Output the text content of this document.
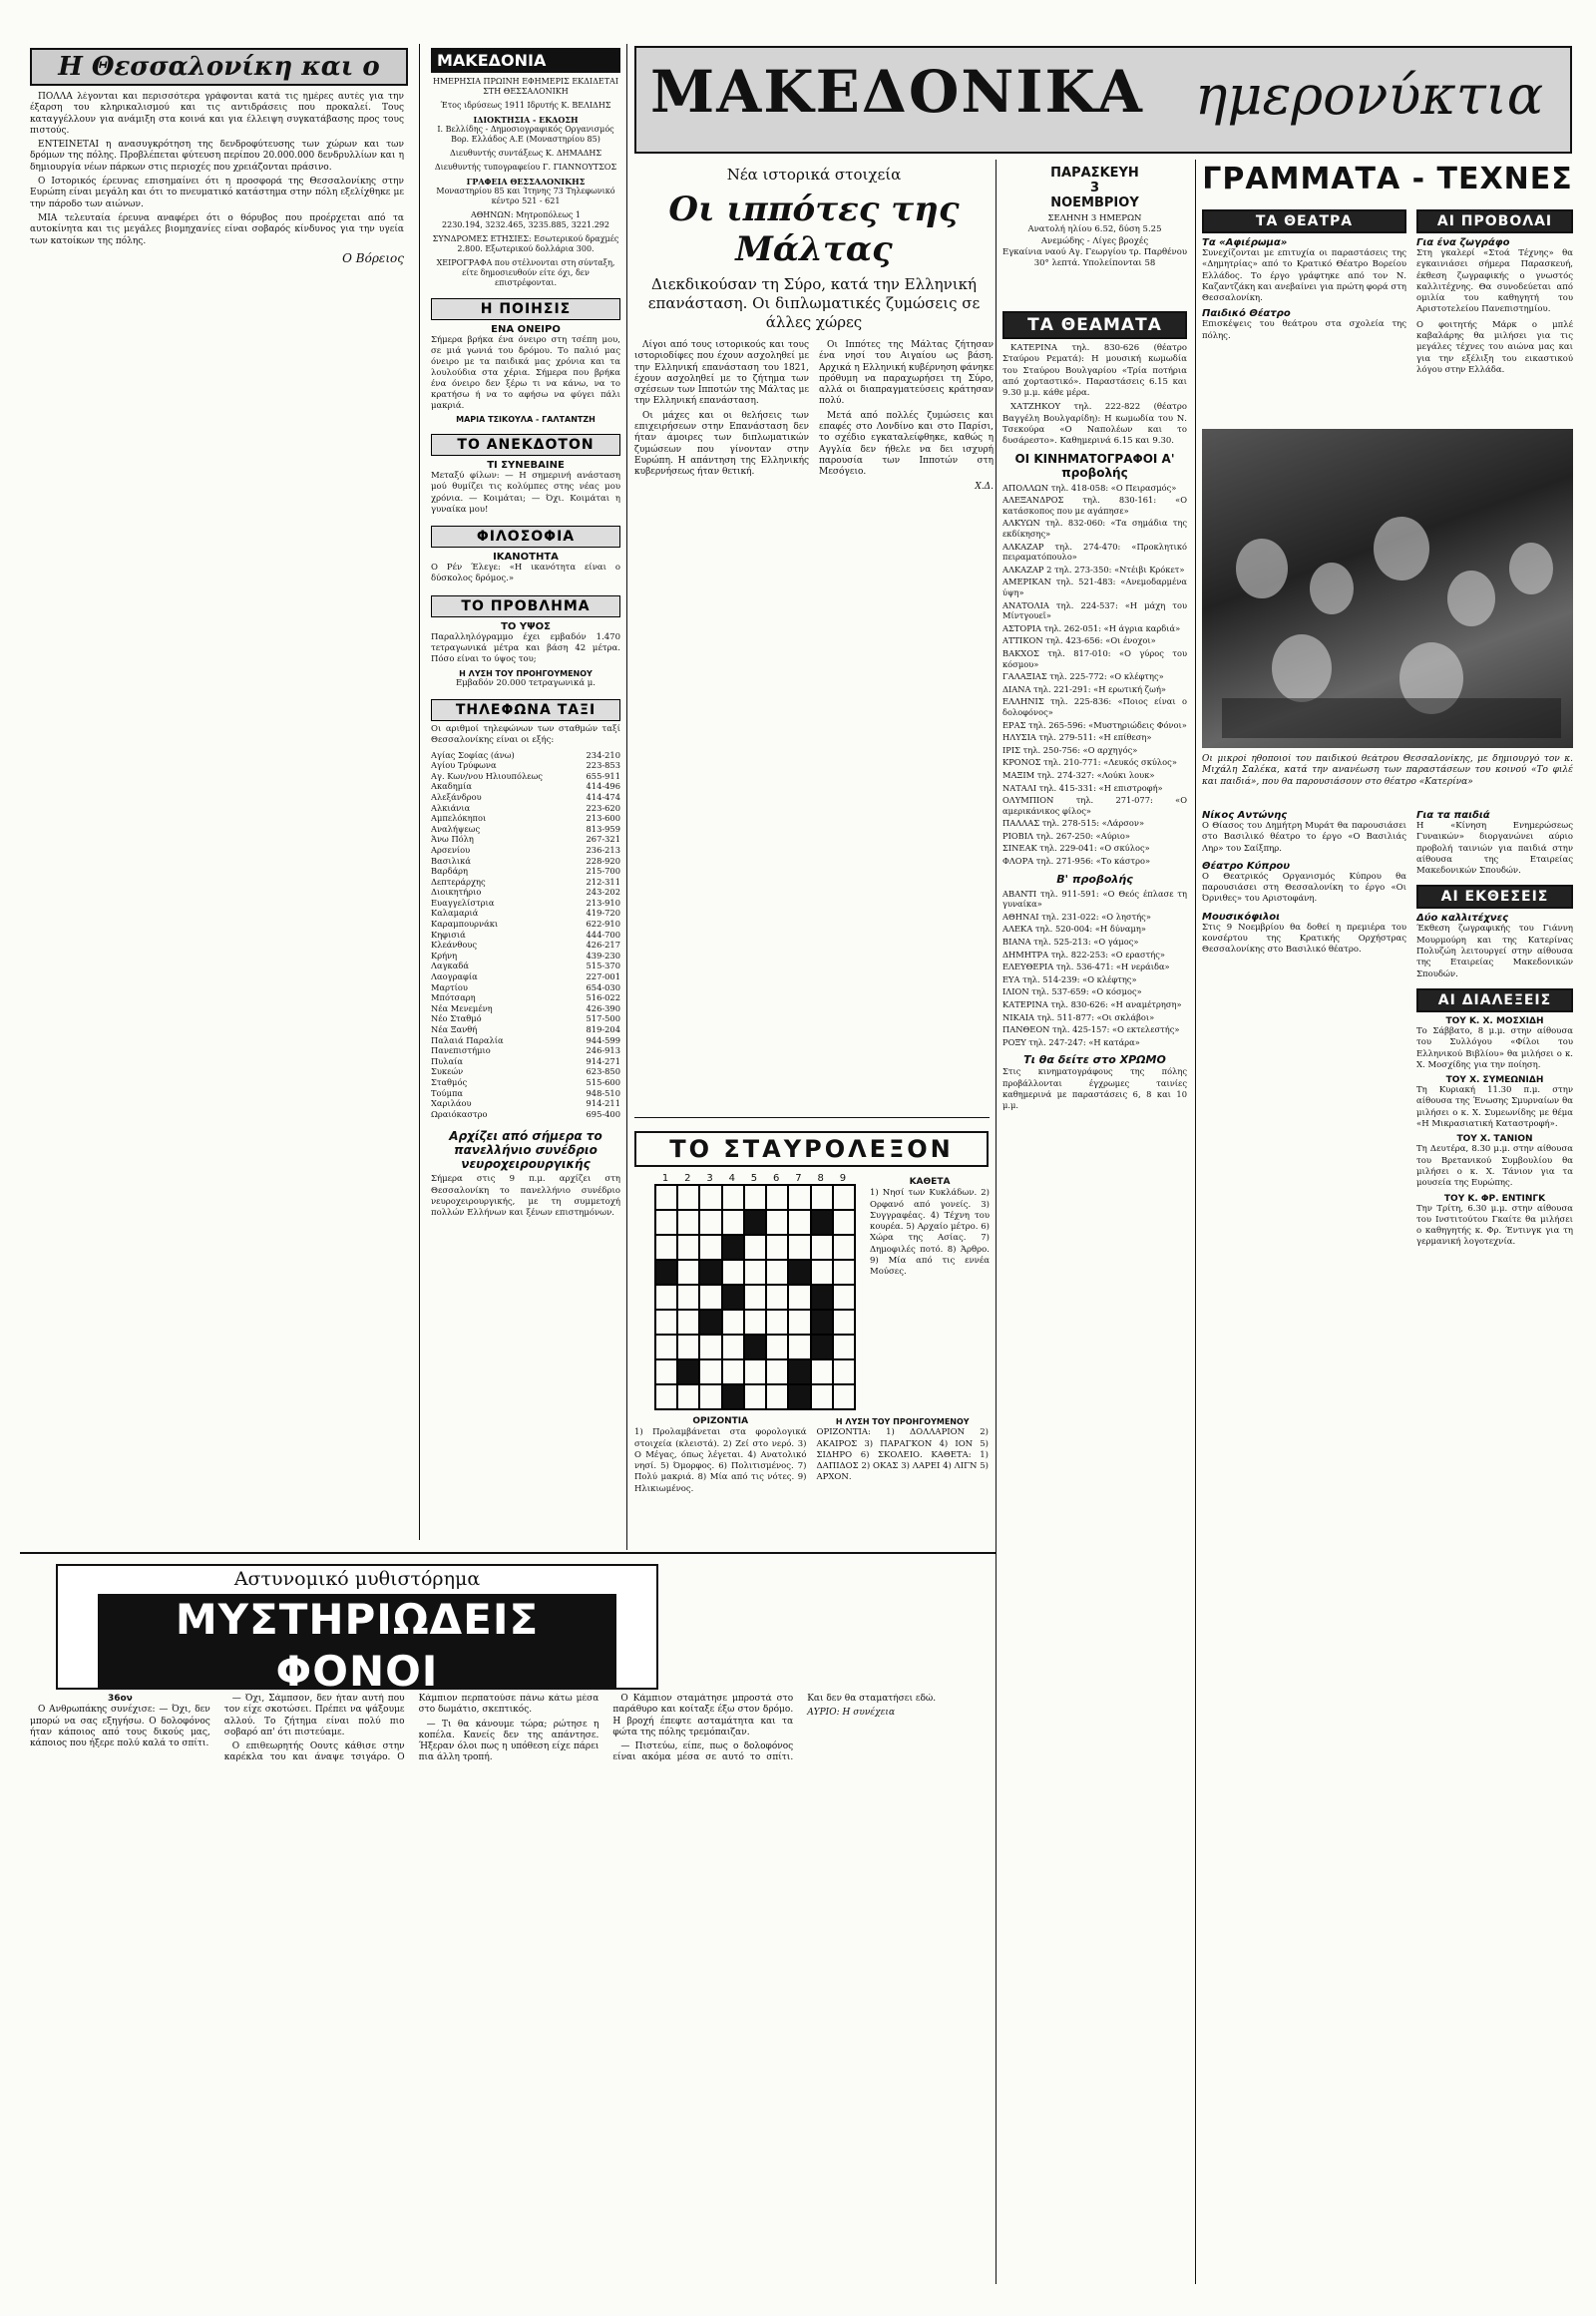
Η Θεσσαλονίκη και ο

ΠΟΛΛΑ λέγονται και περισσότερα γράφονται κατά τις ημέρες αυτές για την έξαρση του κληρικαλισμού και τις αντιδράσεις που προκαλεί. Τους καταγγέλλουν για ανάμιξη στα κοινά και για έλλειψη συγκατάβασης προς τους πιστούς.

ΕΝΤΕΙΝΕΤΑΙ η ανασυγκρότηση της δενδροφύτευσης των χώρων και των δρόμων της πόλης. Προβλέπεται φύτευση περίπου 20.000.000 δενδρυλλίων και η δημιουργία νέων πάρκων στις περιοχές που χρειάζονται πράσινο.

Ο Ιστορικός έρευνας επισημαίνει ότι η προσφορά της Θεσσαλονίκης στην Ευρώπη είναι μεγάλη και ότι το πνευματικό κατάστημα στην πόλη εξελίχθηκε με την πάροδο των αιώνων.

ΜΙΑ τελευταία έρευνα αναφέρει ότι ο θόρυβος που προέρχεται από τα αυτοκίνητα και τις μεγάλες βιομηχανίες είναι σοβαρός κίνδυνος για την υγεία των κατοίκων της πόλης.

Ο Βόρειος
ΜΑΚΕΔΟΝΙΑ
ΗΜΕΡΗΣΙΑ ΠΡΩΙΝΗ ΕΦΗΜΕΡΙΣ ΕΚΔΙΔΕΤΑΙ ΣΤΗ ΘΕΣΣΑΛΟΝΙΚΗ
Έτος ιδρύσεως 1911 Ιδρυτής Κ. ΒΕΛΙΔΗΣ
ΙΔΙΟΚΤΗΣΙΑ - ΕΚΔΟΣΗ
Ι. Βελλίδης - Δημοσιογραφικός Οργανισμός Βορ. Ελλάδος Α.Ε (Μοναστηρίου 85)
Διευθυντής συντάξεως Κ. ΔΗΜΑΔΗΣ
Διευθυντής τυπογραφείου Γ. ΓΙΑΝΝΟΥΤΣΟΣ
ΓΡΑΦΕΙΑ ΘΕΣΣΑΛΟΝΙΚΗΣ
Μοναστηρίου 85 και Ίτηνης 73 Τηλεφωνικό κέντρο 521 - 621
ΑΘΗΝΩΝ: Μητροπόλεως 1
2230.194, 3232.465, 3235.885, 3221.292
ΣΥΝΔΡΟΜΕΣ ΕΤΗΣΙΕΣ: Εσωτερικού δραχμές 2.800. Εξωτερικού δολλάρια 300.
ΧΕΙΡΟΓΡΑΦΑ που στέλνονται στη σύνταξη, είτε δημοσιευθούν είτε όχι, δεν επιστρέφονται.
Η ΠΟΙΗΣΙΣ
ΕΝΑ ΟΝΕΙΡΟ
Σήμερα βρήκα ένα όνειρο στη τσέπη μου, σε μιά γωνιά του δρόμου. Το παλιό μας όνειρο με τα παιδικά μας χρόνια και τα λουλούδια στα χέρια. Σήμερα που βρήκα ένα όνειρο δεν ξέρω τι να κάνω, να το κρατήσω ή να το αφήσω να φύγει πάλι μακριά.
ΜΑΡΙΑ ΤΣΙΚΟΥΛΑ - ΓΑΛΤΑΝΤΖΗ
ΤΟ ΑΝΕΚΔΟΤΟΝ
ΤΙ ΣΥΝΕΒΑΙΝΕ
Μεταξύ φίλων: — Η σημερινή ανάσταση μού θυμίζει τις κολύμπες στης νέας μου χρόνια. — Κοιμάται; — Όχι. Κοιμάται η γυναίκα μου!
ΦΙΛΟΣΟΦΙΑ
ΙΚΑΝΟΤΗΤΑ
Ο Ρέν Έλεγε: «Η ικανότητα είναι ο δύσκολος δρόμος.»
ΤΟ ΠΡΟΒΛΗΜΑ
ΤΟ ΥΨΟΣ
Παραλληλόγραμμο έχει εμβαδόν 1.470 τετραγωνικά μέτρα και βάση 42 μέτρα. Πόσο είναι το ύψος του;
Η ΛΥΣΗ ΤΟΥ ΠΡΟΗΓΟΥΜΕΝΟΥ
Εμβαδόν 20.000 τετραγωνικά μ.
ΤΗΛΕΦΩΝΑ ΤΑΞΙ
Οι αριθμοί τηλεφώνων των σταθμών ταξί Θεσσαλονίκης είναι οι εξής:
Αγίας Σοφίας (άνω)	234-210
Αγίου Τρύφωνα	223-853
Αγ. Κων/νου Ηλιουπόλεως	655-911
Ακαδημία	414-496
Αλεξάνδρου	414-474
Αλκιάνια	223-620
Αμπελόκηποι	213-600
Αναλήψεως	813-959
Άνω Πόλη	267-321
Αρσενίου	236-213
Βασιλικά	228-920
Βαρδάρη	215-700
Δεπτεράρχης	212-311
Διοικητήριο	243-202
Ευαγγελίστρια	213-910
Καλαμαριά	419-720
Καραμπουρνάκι	622-910
Κηφισιά	444-700
Κλεάνθους	426-217
Κρήνη	439-230
Λαγκαδά	515-370
Λαογραφία	227-001
Μαρτίου	654-030
Μπότσαρη	516-022
Νέα Μενεμένη	426-390
Νέο Σταθμό	517-500
Νέα Ξανθή	819-204
Παλαιά Παραλία	944-599
Πανεπιστήμιο	246-913
Πυλαία	914-271
Συκεών	623-850
Σταθμός	515-600
Τούμπα	948-510
Χαριλάου	914-211
Ωραιόκαστρο	695-400
Αρχίζει από σήμερα το πανελλήνιο συνέδριο νευροχειρουργικής
Σήμερα στις 9 π.μ. αρχίζει στη Θεσσαλονίκη το πανελλήνιο συνέδριο νευροχειρουργικής, με τη συμμετοχή πολλών Ελλήνων και ξένων επιστημόνων.
ΜΑΚΕΔΟΝΙΚΑ ημερονύκτια
Νέα ιστορικά στοιχεία
Οι ιππότες της Μάλτας
Διεκδικούσαν τη Σύρο, κατά την Ελληνική επανάσταση. Οι διπλωματικές ζυμώσεις σε άλλες χώρες

Λίγοι από τους ιστορικούς και τους ιστοριοδίφες που έχουν ασχοληθεί με την Ελληνική επανάσταση του 1821, έχουν ασχοληθεί με το ζήτημα των σχέσεων των Ιπποτών της Μάλτας με την Ελληνική επανάσταση.

Οι μάχες και οι θελήσεις των επιχειρήσεων στην Επανάσταση δεν ήταν άμοιρες των διπλωματικών ζυμώσεων που γίνονταν στην Ευρώπη. Η απάντηση της Ελληνικής κυβερνήσεως ήταν θετική.

Οι Ιππότες της Μάλτας ζήτησαν ένα νησί του Αιγαίου ως βάση. Αρχικά η Ελληνική κυβέρνηση φάνηκε πρόθυμη να παραχωρήσει τη Σύρο, αλλά οι διαπραγματεύσεις κράτησαν πολύ.

Μετά από πολλές ζυμώσεις και επαφές στο Λονδίνο και στο Παρίσι, το σχέδιο εγκαταλείφθηκε, καθώς η Αγγλία δεν ήθελε να δει ισχυρή παρουσία των Ιπποτών στη Μεσόγειο.

Χ.Δ.
ΤΟ ΣΤΑΥΡΟΛΕΞΟΝ
1	2	3	4	5	6	7	8	9	ΚΑΘΕΤΑ
1) Νησί των Κυκλάδων. 2) Ορφανό από γονείς. 3) Συγγραφέας. 4) Τέχνη του κουρέα. 5) Αρχαίο μέτρο. 6) Χώρα της Ασίας. 7) Δημοφιλές ποτό. 8) Άρθρο. 9) Μία από τις εννέα Μούσες.
ΟΡΙΖΟΝΤΙΑ
1) Προλαμβάνεται στα φορολογικά στοιχεία (κλειστά). 2) Ζεί στο νερό. 3) Ο Μέγας, όπως λέγεται. 4) Ανατολικό νησί. 5) Όμορφος. 6) Πολιτισμένος. 7) Πολύ μακριά. 8) Μία από τις νότες. 9) Ηλικιωμένος.
Η ΛΥΣΗ ΤΟΥ ΠΡΟΗΓΟΥΜΕΝΟΥ
ΟΡΙΖΟΝΤΙΑ: 1) ΔΟΛΛΑΡΙΟΝ 2) ΑΚΑΙΡΟΣ 3) ΠΑΡΑΓΚΟΝ 4) ΙΟΝ 5) ΣΙΔΗΡΟ 6) ΣΚΟΛΕΙΟ. ΚΑΘΕΤΑ: 1) ΔΑΠΙΔΟΣ 2) ΟΚΑΣ 3) ΛΑΡΕΙ 4) ΛΙΓΝ 5) ΑΡΧΟΝ.
ΠΑΡΑΣΚΕΥΗ
3
ΝΟΕΜΒΡΙΟΥ
ΣΕΛΗΝΗ 3 ΗΜΕΡΩΝ
Ανατολή ηλίου 6.52, δύση 5.25
Ανεμώδης - Λίγες βροχές
Εγκαίνια ναού Αγ. Γεωργίου τρ. Παρθένου 30° λεπτά. Υπολείπονται 58
ΤΑ ΘΕΑΜΑΤΑ

ΚΑΤΕΡΙΝΑ τηλ. 830-626 (θέατρο Σταύρου Ρεματά): Η μουσική κωμωδία του Σταύρου Βουλγαρίου «Τρία ποτήρια από χορταστικό». Παραστάσεις 6.15 και 9.30 μ.μ. κάθε μέρα.

ΧΑΤΖΗΚΟΥ τηλ. 222-822 (θέατρο Βαγγέλη Βουλγαρίδη): Η κωμωδία του Ν. Τσεκούρα «Ο Ναπολέων και το δυσάρεστο». Καθημερινά 6.15 και 9.30.

ΟΙ ΚΙΝΗΜΑΤΟΓΡΑΦΟΙ Α' προβολής
ΑΠΟΛΛΩΝ τηλ. 418-058: «Ο Πειρασμός»
ΑΛΕΞΑΝΔΡΟΣ τηλ. 830-161: «Ο κατάσκοπος που με αγάπησε»
ΑΛΚΥΩΝ τηλ. 832-060: «Τα σημάδια της εκδίκησης»
ΑΛΚΑΖΑΡ τηλ. 274-470: «Προκλητικό πειραματόπουλο»
ΑΛΚΑΖΑΡ 2 τηλ. 273-350: «Ντέιβι Κρόκετ»
ΑΜΕΡΙΚΑΝ τηλ. 521-483: «Ανεμοδαρμένα ύψη»
ΑΝΑΤΟΛΙΑ τηλ. 224-537: «Η μάχη του Μίντγουεϊ»
ΑΣΤΟΡΙΑ τηλ. 262-051: «Η άγρια καρδιά»
ΑΤΤΙΚΟΝ τηλ. 423-656: «Οι ένοχοι»
ΒΑΚΧΟΣ τηλ. 817-010: «Ο γύρος του κόσμου»
ΓΑΛΑΞΙΑΣ τηλ. 225-772: «Ο κλέφτης»
ΔΙΑΝΑ τηλ. 221-291: «Η ερωτική ζωή»
ΕΛΛΗΝΙΣ τηλ. 225-836: «Ποιος είναι ο δολοφόνος»
ΕΡΑΣ τηλ. 265-596: «Μυστηριώδεις Φόνοι»
ΗΛΥΣΙΑ τηλ. 279-511: «Η επίθεση»
ΙΡΙΣ τηλ. 250-756: «Ο αρχηγός»
ΚΡΟΝΟΣ τηλ. 210-771: «Λευκός σκύλος»
ΜΑΞΙΜ τηλ. 274-327: «Λούκι λουκ»
ΝΑΤΑΛΙ τηλ. 415-331: «Η επιστροφή»
ΟΛΥΜΠΙΟΝ τηλ. 271-077: «Ο αμερικάνικος φίλος»
ΠΑΛΛΑΣ τηλ. 278-515: «Λάρσον»
ΡΙΟΒΙΛ τηλ. 267-250: «Αύριο»
ΣΙΝΕΑΚ τηλ. 229-041: «Ο σκύλος»
ΦΛΟΡΑ τηλ. 271-956: «Το κάστρο»
Β' προβολής
ΑΒΑΝΤΙ τηλ. 911-591: «Ο Θεός έπλασε τη γυναίκα»
ΑΘΗΝΑΙ τηλ. 231-022: «Ο ληστής»
ΑΛΕΚΑ τηλ. 520-004: «Η δύναμη»
ΒΙΑΝΑ τηλ. 525-213: «Ο γάμος»
ΔΗΜΗΤΡΑ τηλ. 822-253: «Ο εραστής»
ΕΛΕΥΘΕΡΙΑ τηλ. 536-471: «Η νεράιδα»
ΕΥΑ τηλ. 514-239: «Ο κλέφτης»
ΙΛΙΟΝ τηλ. 537-659: «Ο κόσμος»
ΚΑΤΕΡΙΝΑ τηλ. 830-626: «Η αναμέτρηση»
ΝΙΚΑΙΑ τηλ. 511-877: «Οι σκλάβοι»
ΠΑΝΘΕΟΝ τηλ. 425-157: «Ο εκτελεστής»
ΡΟΞΥ τηλ. 247-247: «Η κατάρα»
Τι θα δείτε στο ΧΡΩΜΟ
Στις κινηματογράφους της πόλης προβάλλονται έγχρωμες ταινίες καθημερινά με παραστάσεις 6, 8 και 10 μ.μ.
ΓΡΑΜΜΑΤΑ - ΤΕΧΝΕΣ
ΤΑ ΘΕΑΤΡΑ
Τα «Αφιέρωμα»
Συνεχίζονται με επιτυχία οι παραστάσεις της «Δημητρίας» από το Κρατικό Θέατρο Βορείου Ελλάδος. Το έργο γράφτηκε από τον Ν. Καζαντζάκη και ανεβαίνει για πρώτη φορά στη Θεσσαλονίκη.
Παιδικό Θέατρο
Επισκέψεις του θεάτρου στα σχολεία της πόλης.
ΑΙ ΠΡΟΒΟΛΑΙ
Για ένα ζωγράφο
Στη γκαλερί «Στοά Τέχνης» θα εγκαινιάσει σήμερα Παρασκευή, έκθεση ζωγραφικής ο γνωστός καλλιτέχνης. Θα συνοδεύεται από ομιλία του καθηγητή του Αριστοτελείου Πανεπιστημίου.
Ο φοιτητής Μάρκ ο μπλέ καβαλάρης θα μιλήσει για τις μεγάλες τέχνες του αιώνα μας και για την εξέλιξη του εικαστικού λόγου στην Ελλάδα.
Οι μικροί ηθοποιοί του παιδικού θεάτρου Θεσσαλονίκης, με δημιουργό τον κ. Μιχάλη Σαλέκα, κατά την ανανέωση των παραστάσεων του κοινού «Το φιλέ και παιδιά», που θα παρουσιάσουν στο θέατρο «Κατερίνα»
Νίκος Αντώνης
Ο Θίασος του Δημήτρη Μυράτ θα παρουσιάσει στο Βασιλικό θέατρο το έργο «Ο Βασιλιάς Ληρ» του Σαίξπηρ.
Θέατρο Κύπρου
Ο Θεατρικός Οργανισμός Κύπρου θα παρουσιάσει στη Θεσσαλονίκη το έργο «Οι Όρνιθες» του Αριστοφάνη.
Μουσικόφιλοι
Στις 9 Νοεμβρίου θα δοθεί η πρεμιέρα του κονσέρτου της Κρατικής Ορχήστρας Θεσσαλονίκης στο Βασιλικό θέατρο.
Για τα παιδιά
Η «Κίνηση Ενημερώσεως Γυναικών» διοργανώνει αύριο προβολή ταινιών για παιδιά στην αίθουσα της Εταιρείας Μακεδονικών Σπουδών.
ΑΙ ΕΚΘΕΣΕΙΣ
Δύο καλλιτέχνες
Έκθεση ζωγραφικής του Γιάννη Μουρμούρη και της Κατερίνας Πολυζώη λειτουργεί στην αίθουσα της Εταιρείας Μακεδονικών Σπουδών.
ΑΙ ΔΙΑΛΕΞΕΙΣ
ΤΟΥ Κ. Χ. ΜΟΣΧΙΔΗ
Το Σάββατο, 8 μ.μ. στην αίθουσα του Συλλόγου «Φίλοι του Ελληνικού Βιβλίου» θα μιλήσει ο κ. Χ. Μοσχίδης για την ποίηση.
ΤΟΥ Χ. ΣΥΜΕΩΝΙΔΗ
Τη Κυριακή 11.30 π.μ. στην αίθουσα της Ένωσης Σμυρναίων θα μιλήσει ο κ. Χ. Συμεωνίδης με θέμα «Η Μικρασιατική Καταστροφή».
ΤΟΥ Χ. ΤΑΝΙΟΝ
Τη Δευτέρα, 8.30 μ.μ. στην αίθουσα του Βρετανικού Συμβουλίου θα μιλήσει ο κ. Χ. Τάνιον για τα μουσεία της Ευρώπης.
ΤΟΥ Κ. ΦΡ. ΕΝΤΙΝΓΚ
Την Τρίτη, 6.30 μ.μ. στην αίθουσα του Ινστιτούτου Γκαίτε θα μιλήσει ο καθηγητής κ. Φρ. Έντινγκ για τη γερμανική λογοτεχνία.
Αστυνομικό μυθιστόρημα
ΜΥΣΤΗΡΙΩΔΕΙΣ ΦΟΝΟΙ
36ον

Ο Ανθρωπάκης συνέχισε: — Όχι, δεν μπορώ να σας εξηγήσω. Ο δολοφόνος ήταν κάποιος από τους δικούς μας, κάποιος που ήξερε πολύ καλά το σπίτι.

— Όχι, Σάμπσον, δεν ήταν αυτή που τον είχε σκοτώσει. Πρέπει να ψάξουμε αλλού. Το ζήτημα είναι πολύ πιο σοβαρό απ' ότι πιστεύαμε.

Ο επιθεωρητής Οουτς κάθισε στην καρέκλα του και άναψε τσιγάρο. Ο Κάμπιον περπατούσε πάνω κάτω μέσα στο δωμάτιο, σκεπτικός.

— Τι θα κάνουμε τώρα; ρώτησε η κοπέλα. Κανείς δεν της απάντησε. Ήξεραν όλοι πως η υπόθεση είχε πάρει πια άλλη τροπή.

Ο Κάμπιον σταμάτησε μπροστά στο παράθυρο και κοίταξε έξω στον δρόμο. Η βροχή έπεφτε ασταμάτητα και τα φώτα της πόλης τρεμόπαιζαν.

— Πιστεύω, είπε, πως ο δολοφόνος είναι ακόμα μέσα σε αυτό το σπίτι. Και δεν θα σταματήσει εδώ.

ΑΥΡΙΟ: Η συνέχεια
